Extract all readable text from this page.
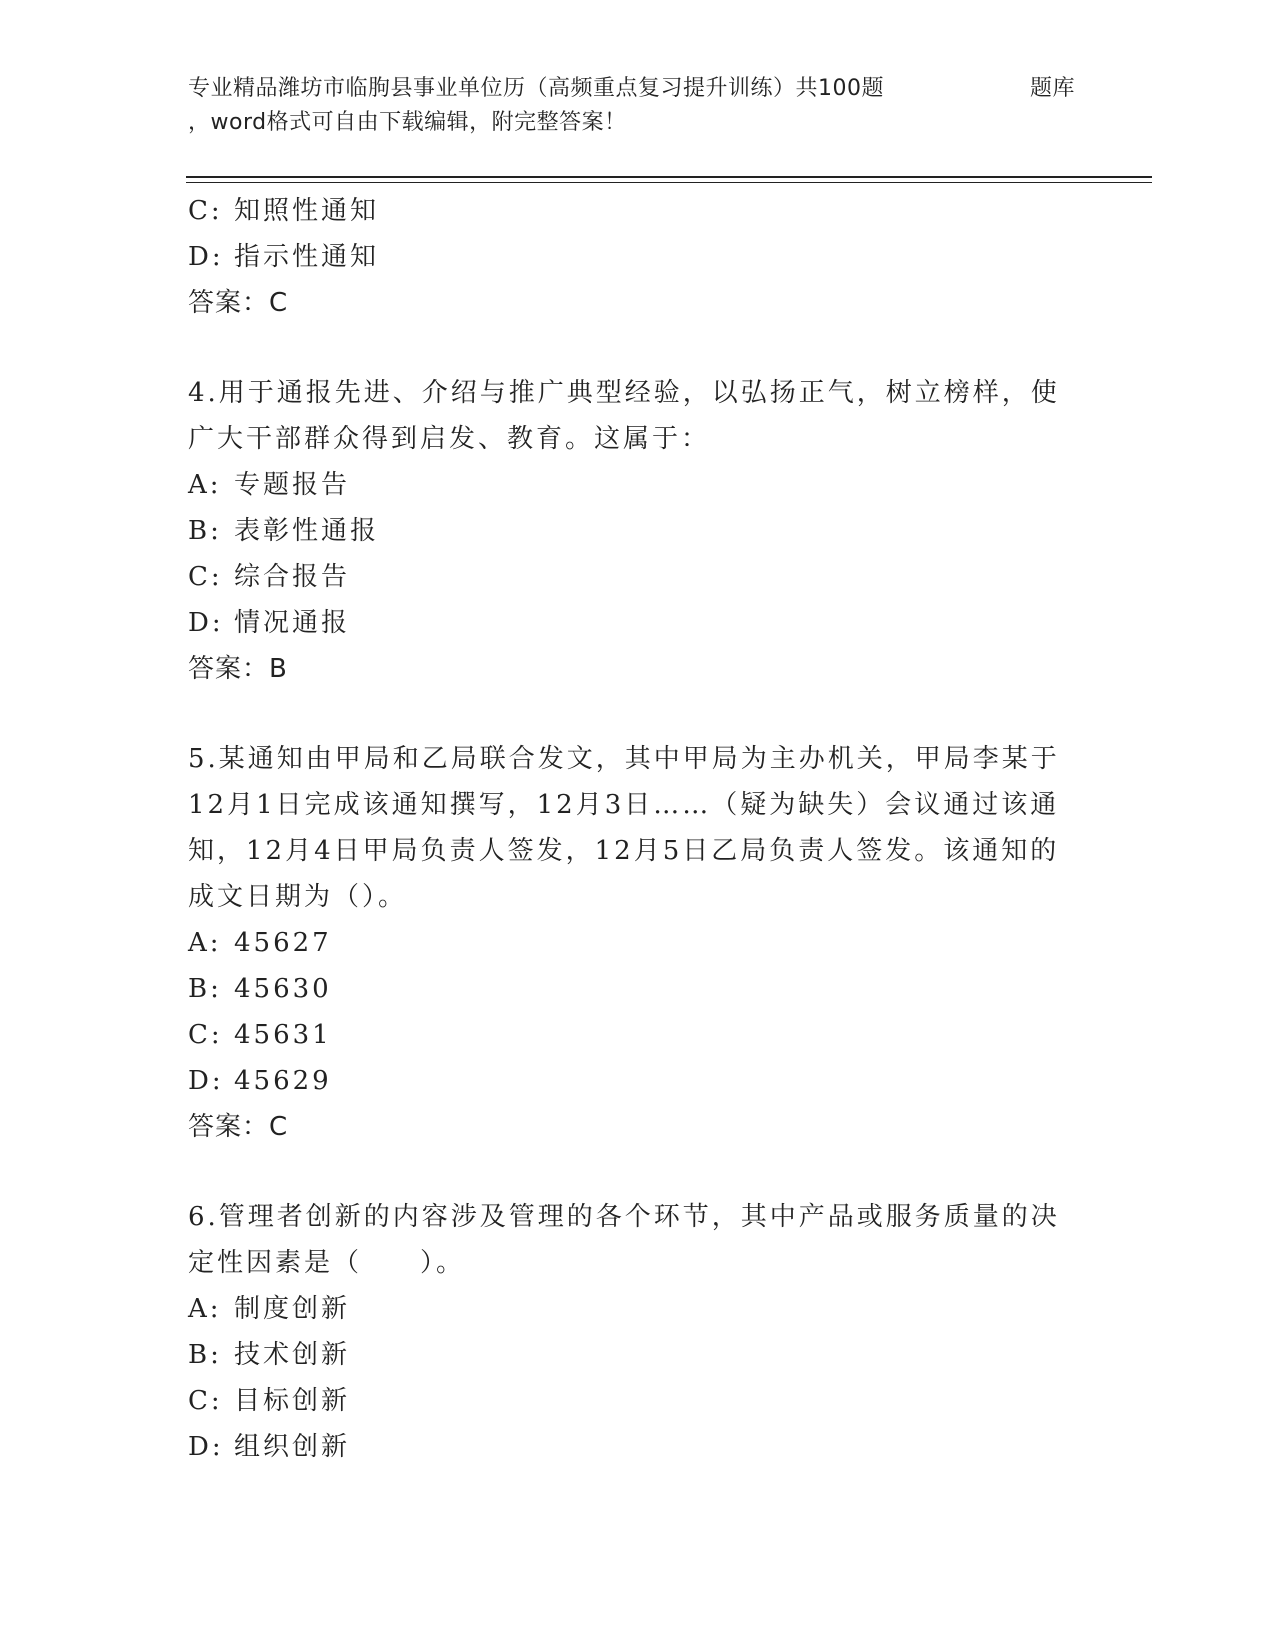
专业精品潍坊市临朐县事业单位历（高频重点复习提升训练）共100题	题库
，word格式可自由下载编辑，附完整答案！
C: 知照性通知
D: 指示性通知
答案：C
4.用于通报先进、介绍与推广典型经验，以弘扬正气，树立榜样，使
广大干部群众得到启发、教育。这属于：
A: 专题报告
B: 表彰性通报
C: 综合报告
D: 情况通报
答案：B
5.某通知由甲局和乙局联合发文，其中甲局为主办机关，甲局李某于
12月1日完成该通知撰写，12月3日……（疑为缺失）会议通过该通
知，12月4日甲局负责人签发，12月5日乙局负责人签发。该通知的
成文日期为（）。
A: 45627
B: 45630
C: 45631
D: 45629
答案：C
6.管理者创新的内容涉及管理的各个环节，其中产品或服务质量的决
定性因素是（　　）。
A: 制度创新
B: 技术创新
C: 目标创新
D: 组织创新
